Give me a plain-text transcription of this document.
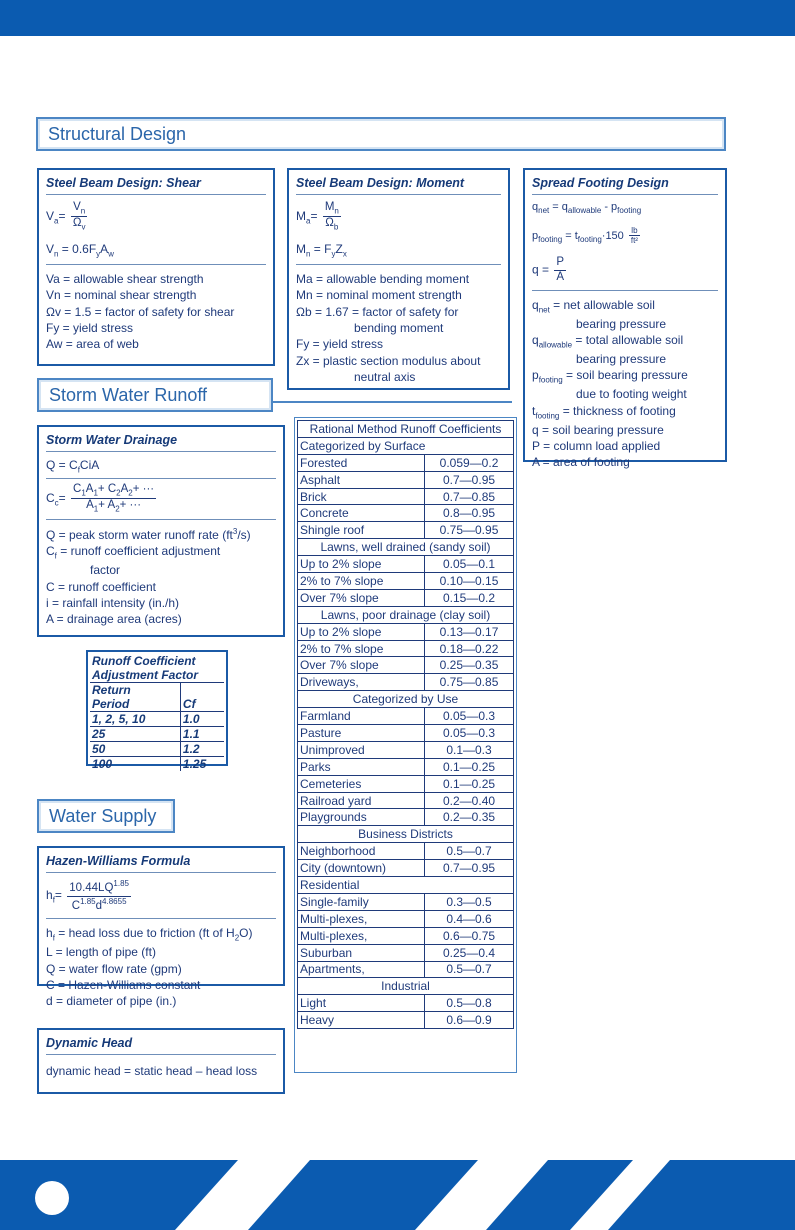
Structural Design
Steel Beam Design: Shear
$V_a= \frac{V_n}{\Omega_v}$
$V_n = 0.6F_yA_w$
Va = allowable shear strength
Vn = nominal shear strength
Ωv = 1.5 = factor of safety for shear
Fy = yield stress
Aw = area of web
Steel Beam Design: Moment
$M_a= \frac{M_n}{\Omega_b}$
$M_n = F_yZ_x$
Ma = allowable bending moment
Mn = nominal moment strength
Ωb = 1.67 = factor of safety for
bending moment
Fy = yield stress
Zx = plastic section modulus about
neutral axis
Spread Footing Design
$q_{net} = q_{allowable} - p_{footing}$
$p_{footing} = t_{footing}\cdot 150 \frac{lb}{\text{ft²}}$
$q = \frac{P}{A}$
$q_{net}$ = net allowable soil
bearing pressure
$q_{allowable}$ = total allowable soil
bearing pressure
$p_{footing}$ = soil bearing pressure
due to footing weight
$t_{footing}$ = thickness of footing
q = soil bearing pressure
P = column load applied
A = area of footing
Storm Water Runoff
Storm Water Drainage
$Q = C_fCiA$
$C_c= \frac{C_1A_1+ C_2A_2+ \cdot\cdot\cdot}{A_1+ A_2+ \cdot\cdot\cdot}$
Q = peak storm water runoff rate $(ft^3/s)$
$C_f$ = runoff coefficient adjustment
factor
C = runoff coefficient
i = rainfall intensity (in./h)
A = drainage area (acres)
Runoff Coefficient	
Adjustment Factor	
Return	
Period	Cf
1, 2, 5, 10	1.0
25	1.1
50	1.2
100	1.25
Rational Method Runoff Coefficients	
Categorized by Surface	
Forested	0.059—0.2
Asphalt	0.7—0.95
Brick	0.7—0.85
Concrete	0.8—0.95
Shingle roof	0.75—0.95
Lawns, well drained (sandy soil)	
Up to 2% slope	0.05—0.1
2% to 7% slope	0.10—0.15
Over 7% slope	0.15—0.2
Lawns, poor drainage (clay soil)	
Up to 2% slope	0.13—0.17
2% to 7% slope	0.18—0.22
Over 7% slope	0.25—0.35
Driveways,	0.75—0.85
Categorized by Use	
Farmland	0.05—0.3
Pasture	0.05—0.3
Unimproved	0.1—0.3
Parks	0.1—0.25
Cemeteries	0.1—0.25
Railroad yard	0.2—0.40
Playgrounds	0.2—0.35
Business Districts	
Neighborhood	0.5—0.7
City (downtown)	0.7—0.95
Residential	
Single-family	0.3—0.5
Multi-plexes,	0.4—0.6
Multi-plexes,	0.6—0.75
Suburban	0.25—0.4
Apartments,	0.5—0.7
Industrial	
Light	0.5—0.8
Heavy	0.6—0.9
Water Supply
Hazen-Williams Formula
$h_f= \frac{10.44LQ^{1.85}}{C^{1.85}d^{4.8655}}$
$h_f$ = head loss due to friction (ft of $H_2O$)
L = length of pipe (ft)
Q = water flow rate (gpm)
C = Hazen-Williams constant
d = diameter of pipe (in.)
Dynamic Head
dynamic head = static head – head loss
